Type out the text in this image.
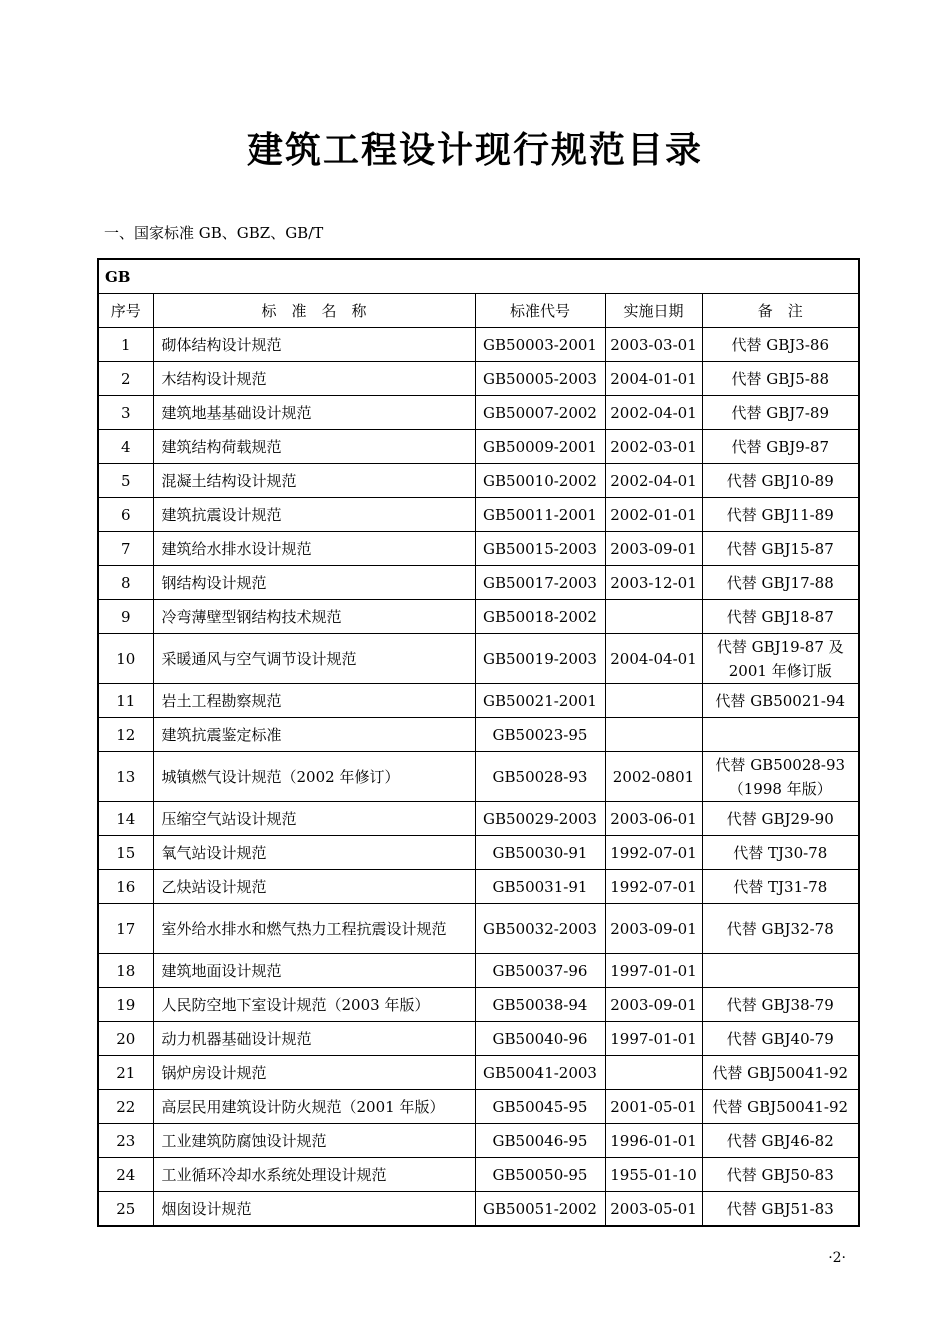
建筑工程设计现行规范目录
一、国家标准 GB、GBZ、GB/T
GB				
序号	标　准　名　称	标准代号	实施日期	备　注
1	砌体结构设计规范	GB50003-2001	2003-03-01	代替 GBJ3-86
2	木结构设计规范	GB50005-2003	2004-01-01	代替 GBJ5-88
3	建筑地基基础设计规范	GB50007-2002	2002-04-01	代替 GBJ7-89
4	建筑结构荷载规范	GB50009-2001	2002-03-01	代替 GBJ9-87
5	混凝土结构设计规范	GB50010-2002	2002-04-01	代替 GBJ10-89
6	建筑抗震设计规范	GB50011-2001	2002-01-01	代替 GBJ11-89
7	建筑给水排水设计规范	GB50015-2003	2003-09-01	代替 GBJ15-87
8	钢结构设计规范	GB50017-2003	2003-12-01	代替 GBJ17-88
9	冷弯薄壁型钢结构技术规范	GB50018-2002		代替 GBJ18-87
10	采暖通风与空气调节设计规范	GB50019-2003	2004-04-01	代替 GBJ19-87 及 2001 年修订版
11	岩土工程勘察规范	GB50021-2001		代替 GB50021-94
12	建筑抗震鉴定标准	GB50023-95		
13	城镇燃气设计规范（2002 年修订）	GB50028-93	2002-0801	代替 GB50028-93（1998 年版）
14	压缩空气站设计规范	GB50029-2003	2003-06-01	代替 GBJ29-90
15	氧气站设计规范	GB50030-91	1992-07-01	代替 TJ30-78
16	乙炔站设计规范	GB50031-91	1992-07-01	代替 TJ31-78
17	室外给水排水和燃气热力工程抗震设计规范	GB50032-2003	2003-09-01	代替 GBJ32-78
18	建筑地面设计规范	GB50037-96	1997-01-01	
19	人民防空地下室设计规范（2003 年版）	GB50038-94	2003-09-01	代替 GBJ38-79
20	动力机器基础设计规范	GB50040-96	1997-01-01	代替 GBJ40-79
21	锅炉房设计规范	GB50041-2003		代替 GBJ50041-92
22	高层民用建筑设计防火规范（2001 年版）	GB50045-95	2001-05-01	代替 GBJ50041-92
23	工业建筑防腐蚀设计规范	GB50046-95	1996-01-01	代替 GBJ46-82
24	工业循环冷却水系统处理设计规范	GB50050-95	1955-01-10	代替 GBJ50-83
25	烟囱设计规范	GB50051-2002	2003-05-01	代替 GBJ51-83
·2·
